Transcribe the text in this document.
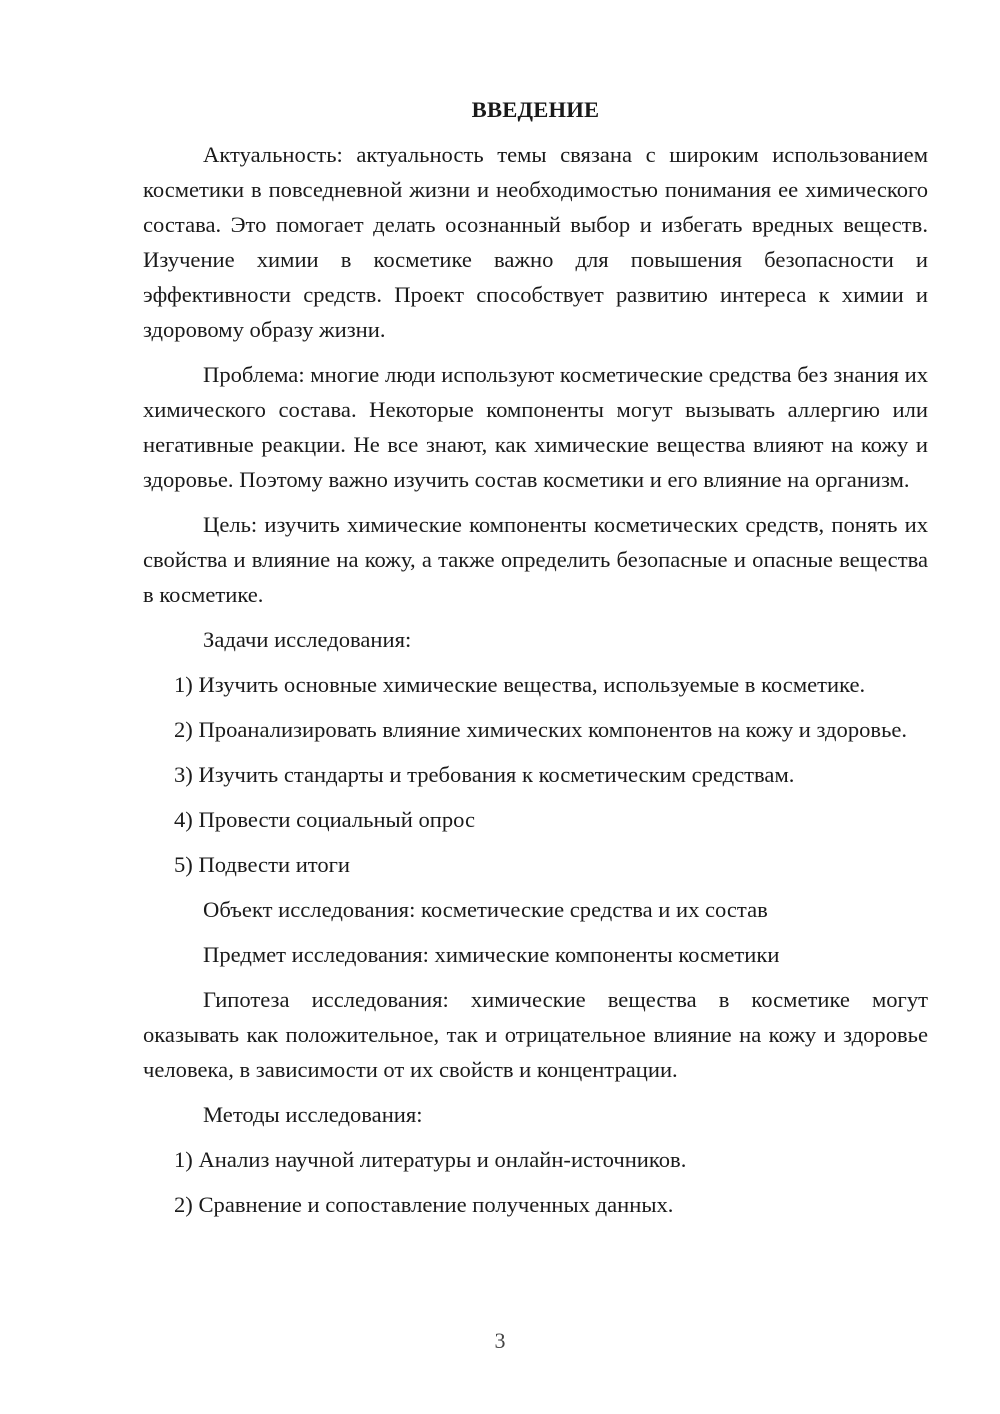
ВВЕДЕНИЕ

Актуальность: актуальность темы связана с широким использованием косметики в повседневной жизни и необходимостью понимания ее химического состава. Это помогает делать осознанный выбор и избегать вредных веществ. Изучение химии в косметике важно для повышения безопасности и эффективности средств. Проект способствует развитию интереса к химии и здоровому образу жизни.

Проблема: многие люди используют косметические средства без знания их химического состава. Некоторые компоненты могут вызывать аллергию или негативные реакции. Не все знают, как химические вещества влияют на кожу и здоровье. Поэтому важно изучить состав косметики и его влияние на организм.

Цель: изучить химические компоненты косметических средств, понять их свойства и влияние на кожу, а также определить безопасные и опасные вещества в косметике.

Задачи исследования:

1) Изучить основные химические вещества, используемые в косметике.

2) Проанализировать влияние химических компонентов на кожу и здоровье.

3) Изучить стандарты и требования к косметическим средствам.

4) Провести социальный опрос

5) Подвести итоги

Объект исследования: косметические средства и их состав

Предмет исследования: химические компоненты косметики

Гипотеза исследования: химические вещества в косметике могут оказывать как положительное, так и отрицательное влияние на кожу и здоровье человека, в зависимости от их свойств и концентрации.

Методы исследования:

1) Анализ научной литературы и онлайн-источников.

2) Сравнение и сопоставление полученных данных.

3
